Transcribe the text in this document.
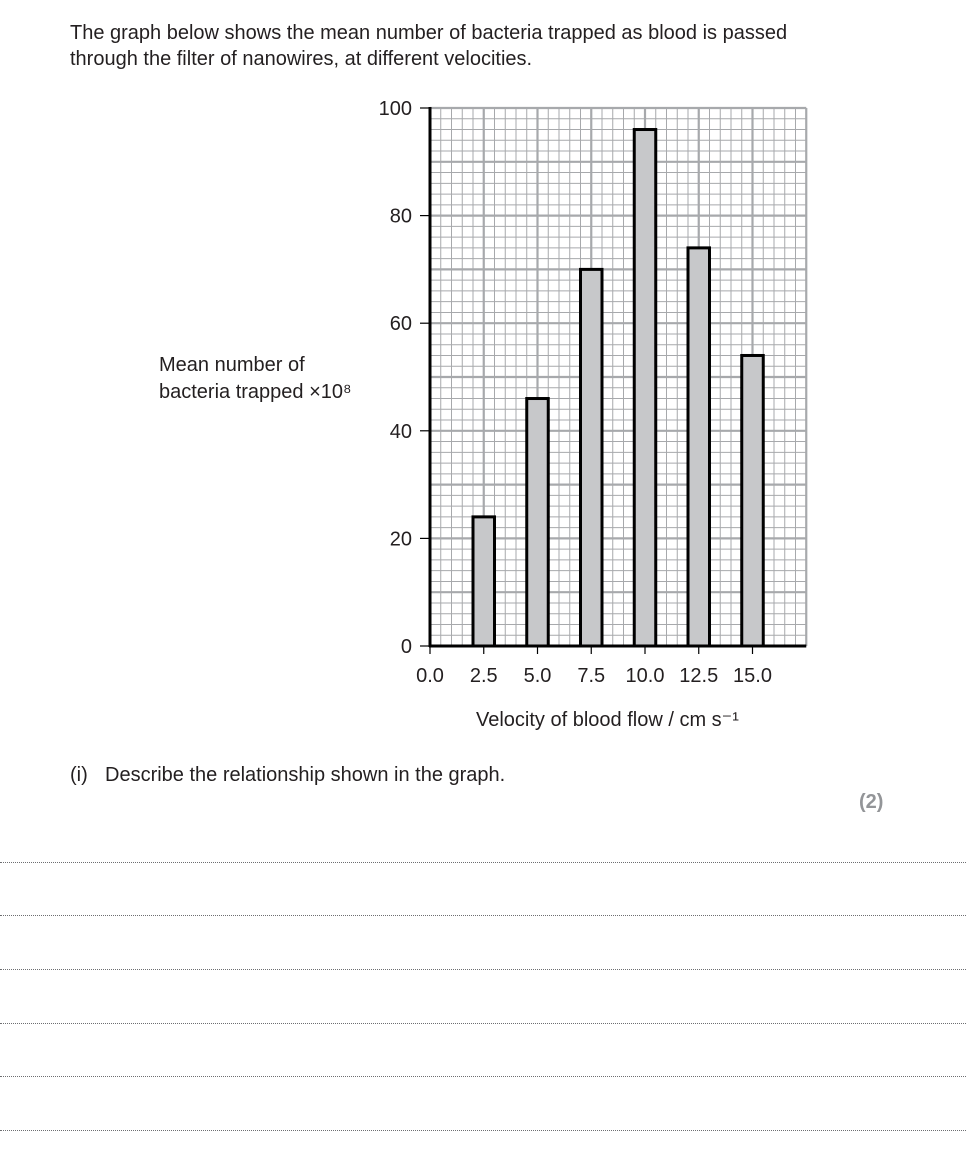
The graph below shows the mean number of bacteria trapped as blood is passed
through the filter of nanowires, at different velocities.

Mean number of
bacteria trapped ×10⁸
0
20
40
60
80
100
0.0 2.5 5.0 7.5 10.0 12.5 15.0
Velocity of blood flow / cm s⁻¹
(i) Describe the relationship shown in the graph.
(2)
